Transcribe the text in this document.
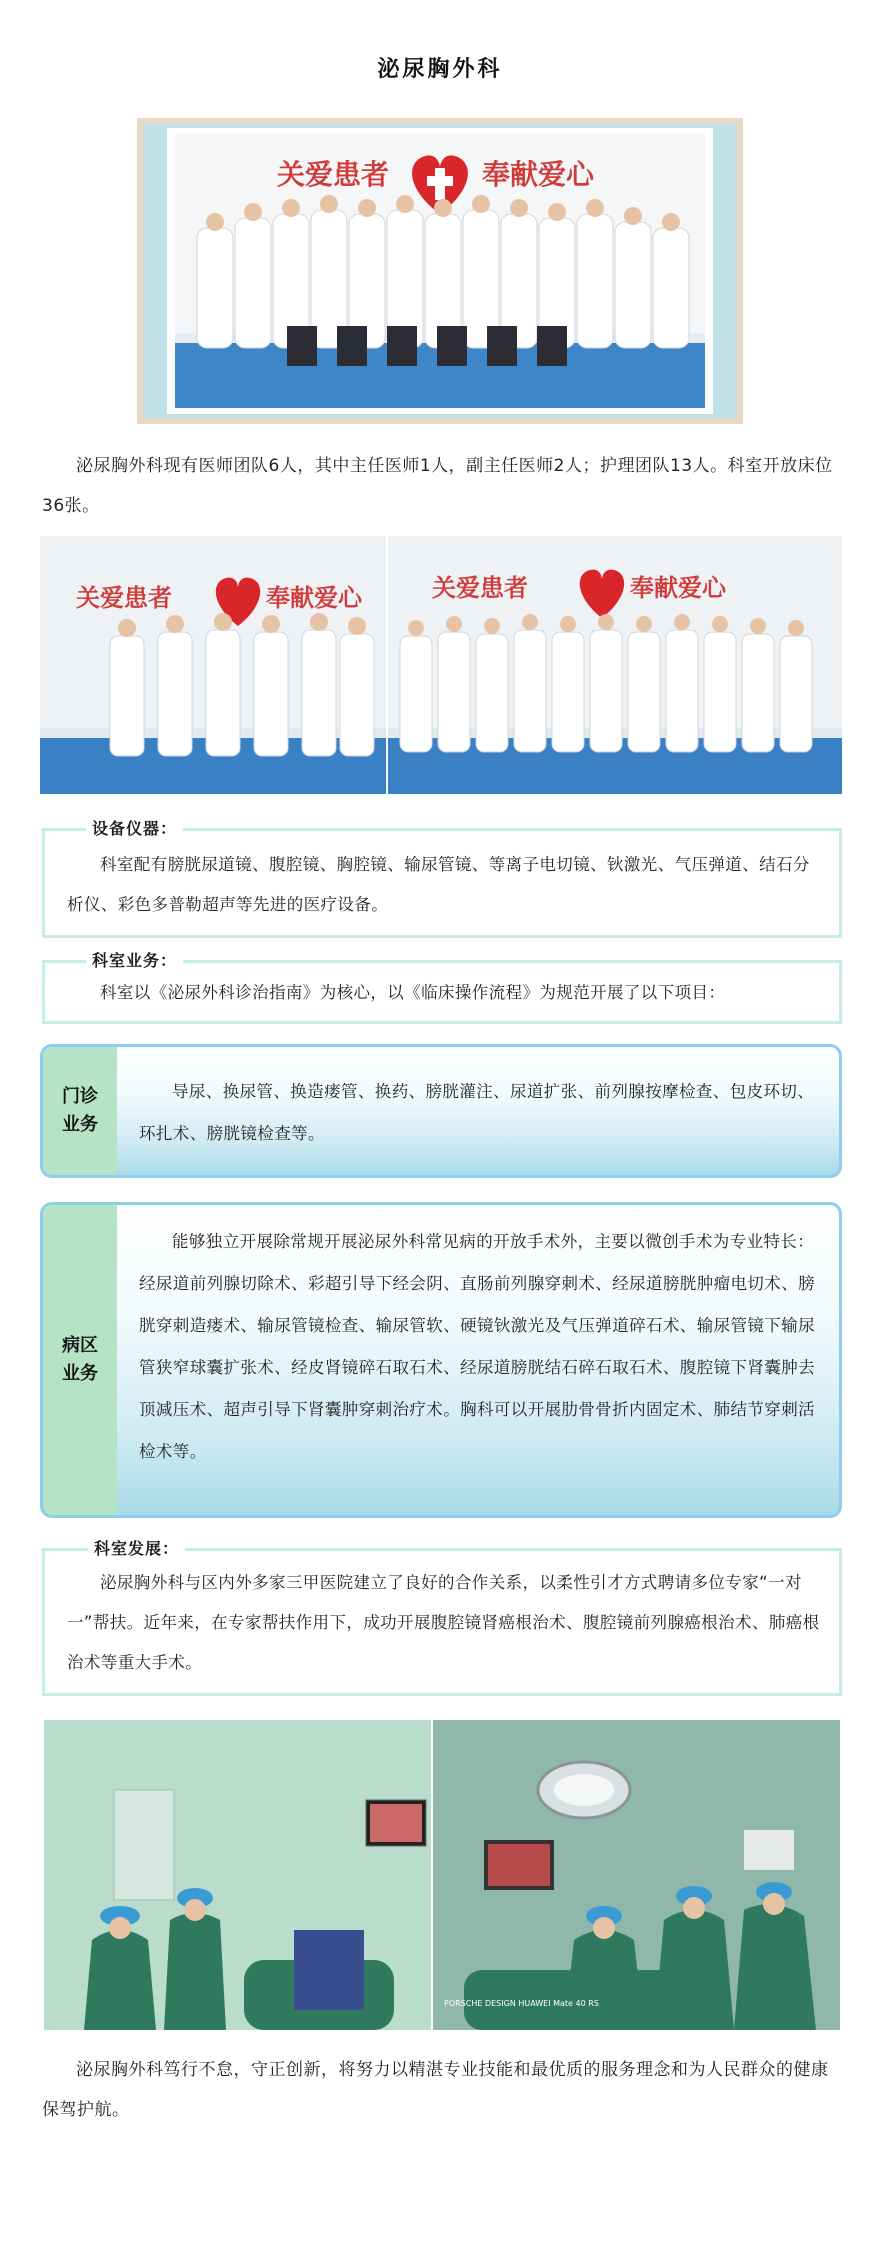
泌尿胸外科
关爱患者	奉献爱心

泌尿胸外科现有医师团队6人，其中主任医师1人，副主任医师2人；护理团队13人。科室开放床位36张。

关爱患者	奉献爱心	关爱患者	奉献爱心
科室配有膀胱尿道镜、腹腔镜、胸腔镜、输尿管镜、等离子电切镜、钬激光、气压弹道、结石分析仪、彩色多普勒超声等先进的医疗设备。
设备仪器：
科室以《泌尿外科诊治指南》为核心，以《临床操作流程》为规范开展了以下项目：
科室业务：
门诊业务
导尿、换尿管、换造瘘管、换药、膀胱灌注、尿道扩张、前列腺按摩检查、包皮环切、环扎术、膀胱镜检查等。
病区业务
能够独立开展除常规开展泌尿外科常见病的开放手术外，主要以微创手术为专业特长：经尿道前列腺切除术、彩超引导下经会阴、直肠前列腺穿刺术、经尿道膀胱肿瘤电切术、膀胱穿刺造瘘术、输尿管镜检查、输尿管软、硬镜钬激光及气压弹道碎石术、输尿管镜下输尿管狭窄球囊扩张术、经皮肾镜碎石取石术、经尿道膀胱结石碎石取石术、腹腔镜下肾囊肿去顶减压术、超声引导下肾囊肿穿刺治疗术。胸科可以开展肋骨骨折内固定术、肺结节穿刺活检术等。
泌尿胸外科与区内外多家三甲医院建立了良好的合作关系，以柔性引才方式聘请多位专家“一对一”帮扶。近年来，在专家帮扶作用下，成功开展腹腔镜肾癌根治术、腹腔镜前列腺癌根治术、肺癌根治术等重大手术。
科室发展：
PORSCHE DESIGN HUAWEI Mate 40 RS

泌尿胸外科笃行不怠，守正创新，将努力以精湛专业技能和最优质的服务理念和为人民群众的健康保驾护航。
